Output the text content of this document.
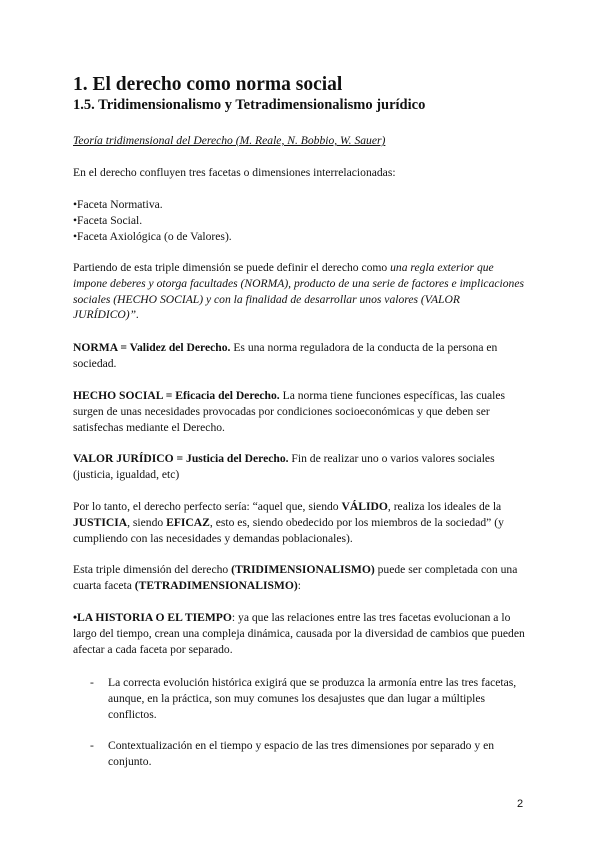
1. El derecho como norma social
1.5. Tridimensionalismo y Tetradimensionalismo jurídico
Teoría tridimensional del Derecho (M. Reale, N. Bobbio, W. Sauer)
En el derecho confluyen tres facetas o dimensiones interrelacionadas:
•Faceta Normativa.
•Faceta Social.
•Faceta Axiológica (o de Valores).
Partiendo de esta triple dimensión se puede definir el derecho como una regla exterior que impone deberes y otorga facultades (NORMA), producto de una serie de factores e implicaciones sociales (HECHO SOCIAL) y con la finalidad de desarrollar unos valores (VALOR JURÍDICO)”.
NORMA = Validez del Derecho. Es una norma reguladora de la conducta de la persona en sociedad.
HECHO SOCIAL = Eficacia del Derecho. La norma tiene funciones específicas, las cuales surgen de unas necesidades provocadas por condiciones socioeconómicas y que deben ser satisfechas mediante el Derecho.
VALOR JURÍDICO = Justicia del Derecho. Fin de realizar uno o varios valores sociales (justicia, igualdad, etc)
Por lo tanto, el derecho perfecto sería: “aquel que, siendo VÁLIDO, realiza los ideales de la JUSTICIA, siendo EFICAZ, esto es, siendo obedecido por los miembros de la sociedad” (y cumpliendo con las necesidades y demandas poblacionales).
Esta triple dimensión del derecho (TRIDIMENSIONALISMO) puede ser completada con una cuarta faceta (TETRADIMENSIONALISMO):
•LA HISTORIA O EL TIEMPO: ya que las relaciones entre las tres facetas evolucionan a lo largo del tiempo, crean una compleja dinámica, causada por la diversidad de cambios que pueden afectar a cada faceta por separado.
- La correcta evolución histórica exigirá que se produzca la armonía entre las tres facetas, aunque, en la práctica, son muy comunes los desajustes que dan lugar a múltiples conflictos.
- Contextualización en el tiempo y espacio de las tres dimensiones por separado y en conjunto.
2
